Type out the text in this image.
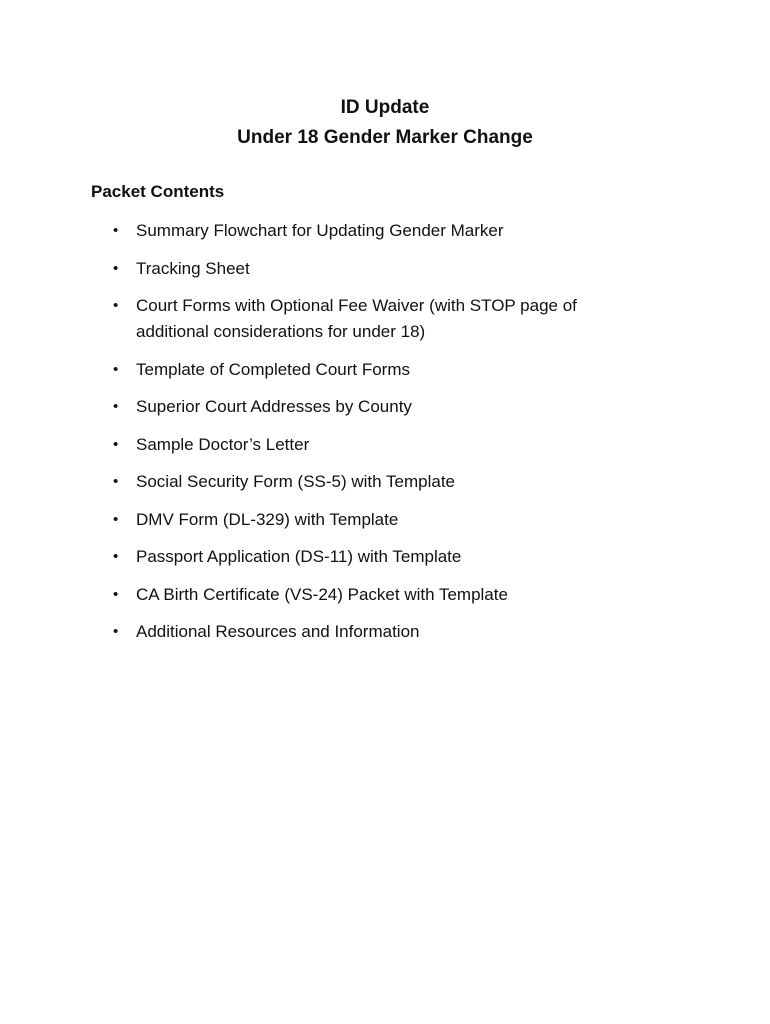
ID Update

Under 18 Gender Marker Change

Packet Contents

• Summary Flowchart for Updating Gender Marker
• Tracking Sheet
• Court Forms with Optional Fee Waiver (with STOP page of additional considerations for under 18)
• Template of Completed Court Forms
• Superior Court Addresses by County
• Sample Doctor’s Letter
• Social Security Form (SS-5) with Template
• DMV Form (DL-329) with Template
• Passport Application (DS-11) with Template
• CA Birth Certificate (VS-24) Packet with Template
• Additional Resources and Information
